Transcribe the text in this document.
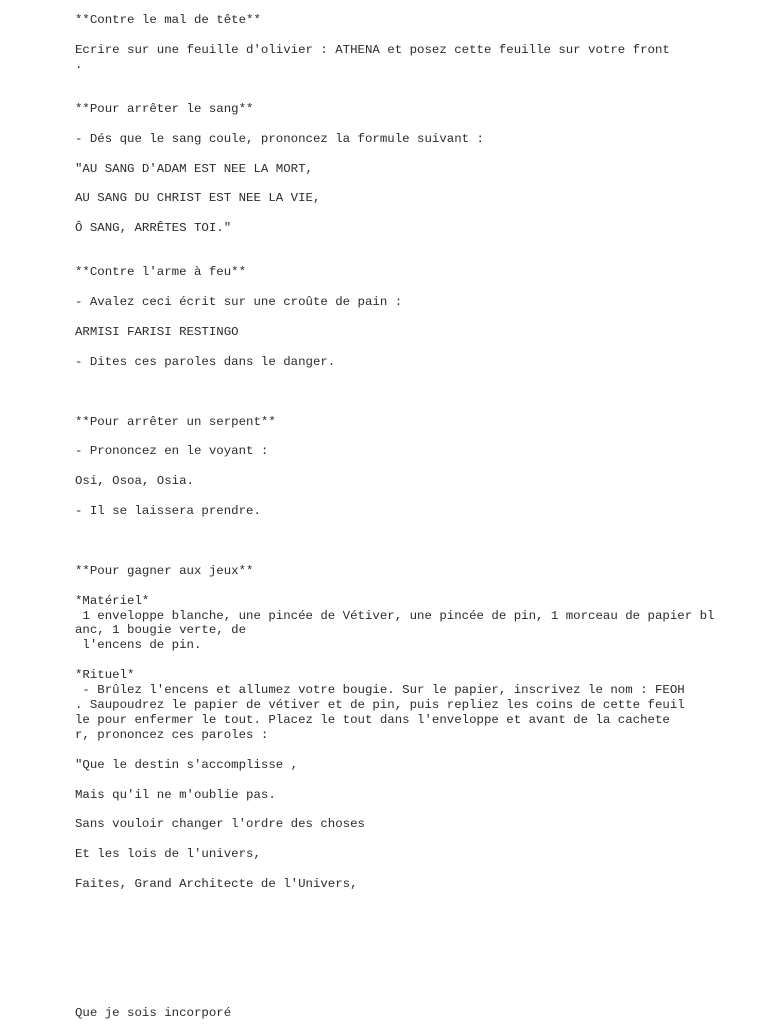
**Contre le mal de tête**

Ecrire sur une feuille d'olivier : ATHENA et posez cette feuille sur votre front

.

**Pour arrêter le sang**

- Dés que le sang coule, prononcez la formule suivant :

"AU SANG D'ADAM EST NEE LA MORT,

AU SANG DU CHRIST EST NEE LA VIE,

Ô SANG, ARRÊTES TOI."

**Contre l'arme à feu**

- Avalez ceci écrit sur une croûte de pain :

ARMISI FARISI RESTINGO

- Dites ces paroles dans le danger.

**Pour arrêter un serpent**

- Prononcez en le voyant :

Osi, Osoa, Osia.

- Il se laissera prendre.

**Pour gagner aux jeux**

*Matériel*

1 enveloppe blanche, une pincée de Vétiver, une pincée de pin, 1 morceau de papier bl

anc, 1 bougie verte, de

l'encens de pin.

*Rituel*

- Brûlez l'encens et allumez votre bougie. Sur le papier, inscrivez le nom : FEOH

. Saupoudrez le papier de vétiver et de pin, puis repliez les coins de cette feuil

le pour enfermer le tout. Placez le tout dans l'enveloppe et avant de la cachete

r, prononcez ces paroles :

"Que le destin s'accomplisse ,

Mais qu'il ne m'oublie pas.

Sans vouloir changer l'ordre des choses

Et les lois de l'univers,

Faites, Grand Architecte de l'Univers,

Que je sois incorporé
